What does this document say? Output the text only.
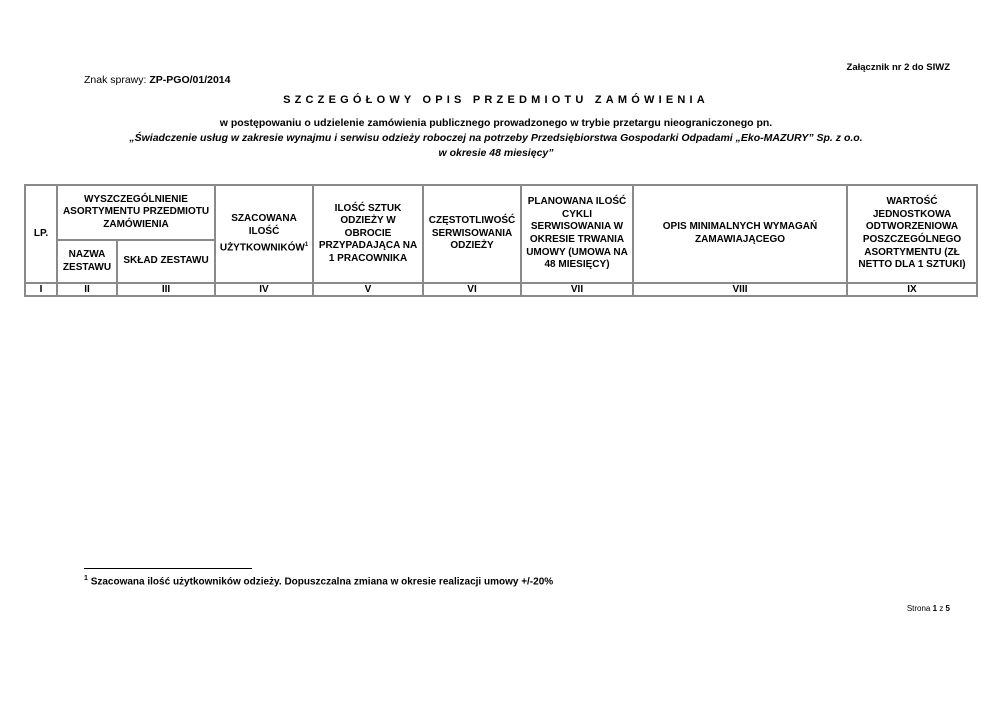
Załącznik nr 2 do SIWZ
Znak sprawy: ZP-PGO/01/2014
SZCZEGÓŁOWY OPIS PRZEDMIOTU ZAMÓWIENIA
w postępowaniu o udzielenie zamówienia publicznego prowadzonego w trybie przetargu nieograniczonego pn.
„Świadczenie usług w zakresie wynajmu i serwisu odzieży roboczej na potrzeby Przedsiębiorstwa Gospodarki Odpadami „Eko-MAZURY” Sp. z o.o.
w okresie 48 miesięcy”
LP.	WYSZCZEGÓLNIENIE ASORTYMENTU PRZEDMIOTU ZAMÓWIENIA		SZACOWANA ILOŚĆ UŻYTKOWNIKÓW$^1$	ILOŚĆ SZTUK ODZIEŻY W OBROCIE PRZYPADAJĄCA NA 1 PRACOWNIKA	CZĘSTOTLIWOŚĆ SERWISOWANIA ODZIEŻY	PLANOWANA ILOŚĆ CYKLI SERWISOWANIA W OKRESIE TRWANIA UMOWY (UMOWA NA 48 MIESIĘCY)	OPIS MINIMALNYCH WYMAGAŃ ZAMAWIAJĄCEGO	WARTOŚĆ JEDNOSTKOWA ODTWORZENIOWA POSZCZEGÓLNEGO ASORTYMENTU (ZŁ NETTO DLA 1 SZTUKI)
	NAZWA ZESTAWU	SKŁAD ZESTAWU						
I	II	III	IV	V	VI	VII	VIII	IX
$^1$ Szacowana ilość użytkowników odzieży. Dopuszczalna zmiana w okresie realizacji umowy +/-20%
Strona 1 z 5
